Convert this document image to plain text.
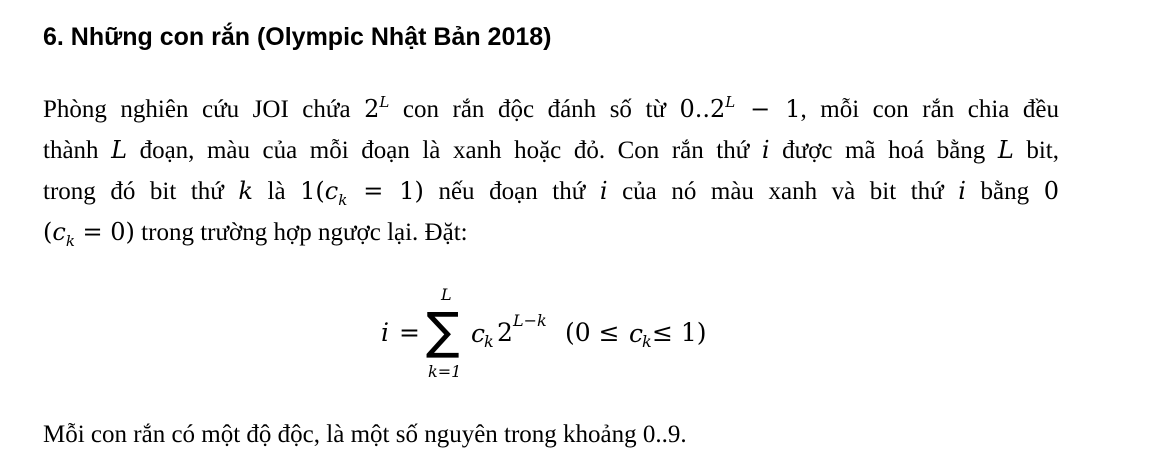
6. Những con rắn (Olympic Nhật Bản 2018)
Phòng nghiên cứu JOI chứa $2^L$ con rắn độc đánh số từ $0..2^L - 1$, mỗi con rắn chia đều
thành L đoạn, màu của mỗi đoạn là xanh hoặc đỏ. Con rắn thứ i được mã hoá bằng L bit,
trong đó bit thứ k là $1(c_k = 1)$ nếu đoạn thứ i của nó màu xanh và bit thứ i bằng 0
$(c_k = 0)$ trong trường hợp ngược lại. Đặt:
i =
L
∑
k=1
c
k 2 L−k (0 ≤ c
k ≤ 1)
Mỗi con rắn có một độ độc, là một số nguyên trong khoảng 0..9.
